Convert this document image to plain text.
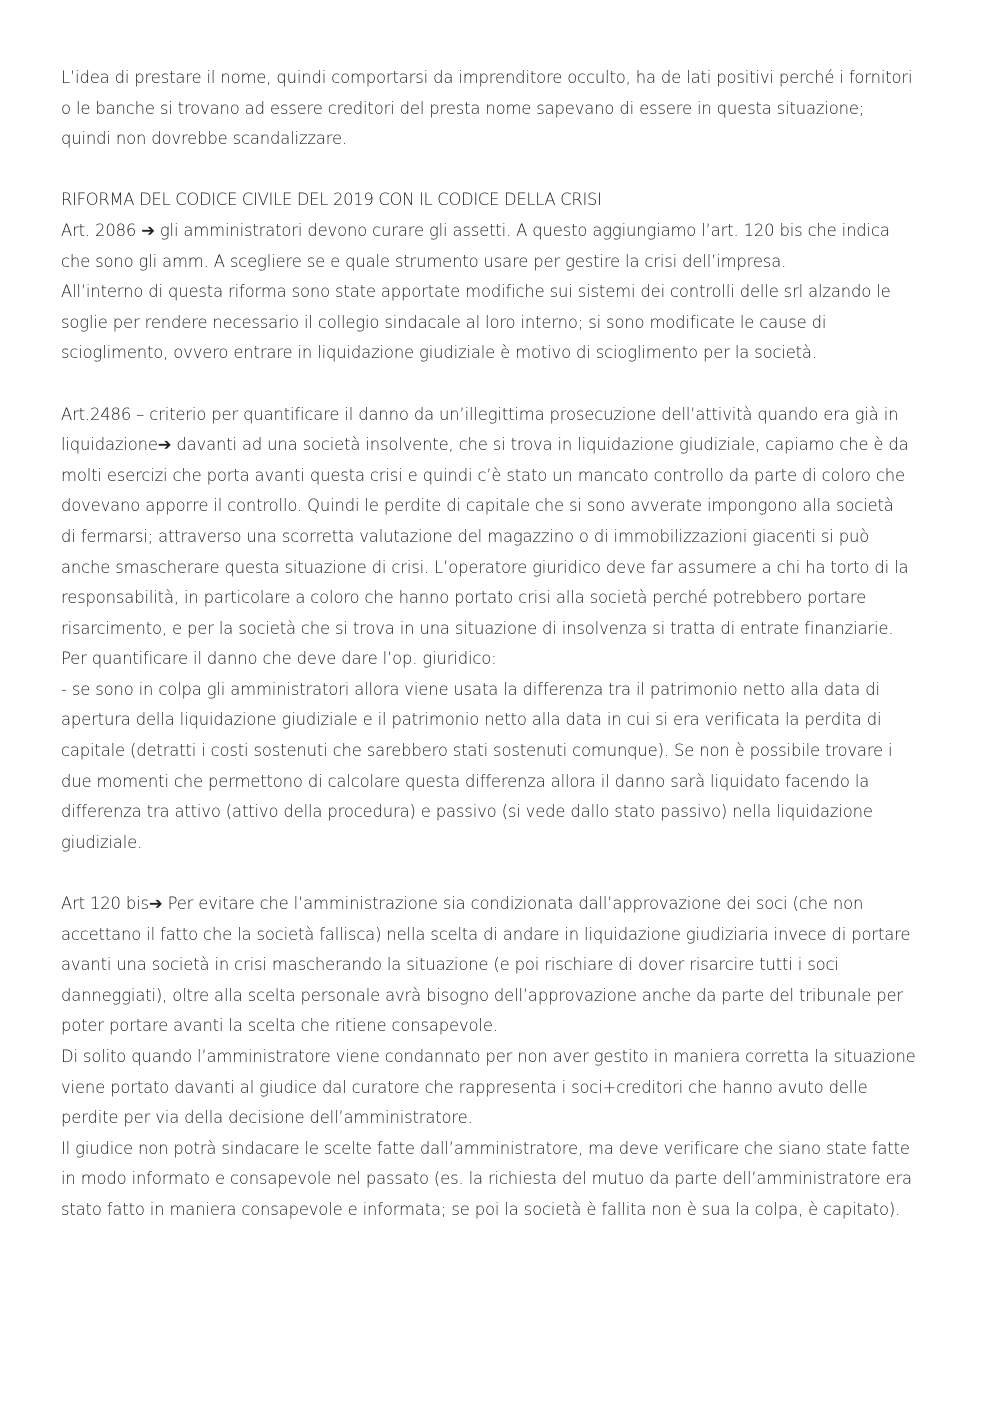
L’idea di prestare il nome, quindi comportarsi da imprenditore occulto, ha de lati positivi perché i fornitori
o le banche si trovano ad essere creditori del presta nome sapevano di essere in questa situazione;
quindi non dovrebbe scandalizzare.
RIFORMA DEL CODICE CIVILE DEL 2019 CON IL CODICE DELLA CRISI
Art. 2086 ➔ gli amministratori devono curare gli assetti. A questo aggiungiamo l’art. 120 bis che indica
che sono gli amm. A scegliere se e quale strumento usare per gestire la crisi dell’impresa.
All’interno di questa riforma sono state apportate modifiche sui sistemi dei controlli delle srl alzando le
soglie per rendere necessario il collegio sindacale al loro interno; si sono modificate le cause di
scioglimento, ovvero entrare in liquidazione giudiziale è motivo di scioglimento per la società.
Art.2486 – criterio per quantificare il danno da un’illegittima prosecuzione dell’attività quando era già in
liquidazione➔ davanti ad una società insolvente, che si trova in liquidazione giudiziale, capiamo che è da
molti esercizi che porta avanti questa crisi e quindi c’è stato un mancato controllo da parte di coloro che
dovevano apporre il controllo. Quindi le perdite di capitale che si sono avverate impongono alla società
di fermarsi; attraverso una scorretta valutazione del magazzino o di immobilizzazioni giacenti si può
anche smascherare questa situazione di crisi. L’operatore giuridico deve far assumere a chi ha torto di la
responsabilità, in particolare a coloro che hanno portato crisi alla società perché potrebbero portare
risarcimento, e per la società che si trova in una situazione di insolvenza si tratta di entrate finanziarie.
Per quantificare il danno che deve dare l’op. giuridico:
- se sono in colpa gli amministratori allora viene usata la differenza tra il patrimonio netto alla data di
apertura della liquidazione giudiziale e il patrimonio netto alla data in cui si era verificata la perdita di
capitale (detratti i costi sostenuti che sarebbero stati sostenuti comunque). Se non è possibile trovare i
due momenti che permettono di calcolare questa differenza allora il danno sarà liquidato facendo la
differenza tra attivo (attivo della procedura) e passivo (si vede dallo stato passivo) nella liquidazione
giudiziale.
Art 120 bis➔ Per evitare che l’amministrazione sia condizionata dall’approvazione dei soci (che non
accettano il fatto che la società fallisca) nella scelta di andare in liquidazione giudiziaria invece di portare
avanti una società in crisi mascherando la situazione (e poi rischiare di dover risarcire tutti i soci
danneggiati), oltre alla scelta personale avrà bisogno dell’approvazione anche da parte del tribunale per
poter portare avanti la scelta che ritiene consapevole.
Di solito quando l’amministratore viene condannato per non aver gestito in maniera corretta la situazione
viene portato davanti al giudice dal curatore che rappresenta i soci+creditori che hanno avuto delle
perdite per via della decisione dell’amministratore.
Il giudice non potrà sindacare le scelte fatte dall’amministratore, ma deve verificare che siano state fatte
in modo informato e consapevole nel passato (es. la richiesta del mutuo da parte dell’amministratore era
stato fatto in maniera consapevole e informata; se poi la società è fallita non è sua la colpa, è capitato).
